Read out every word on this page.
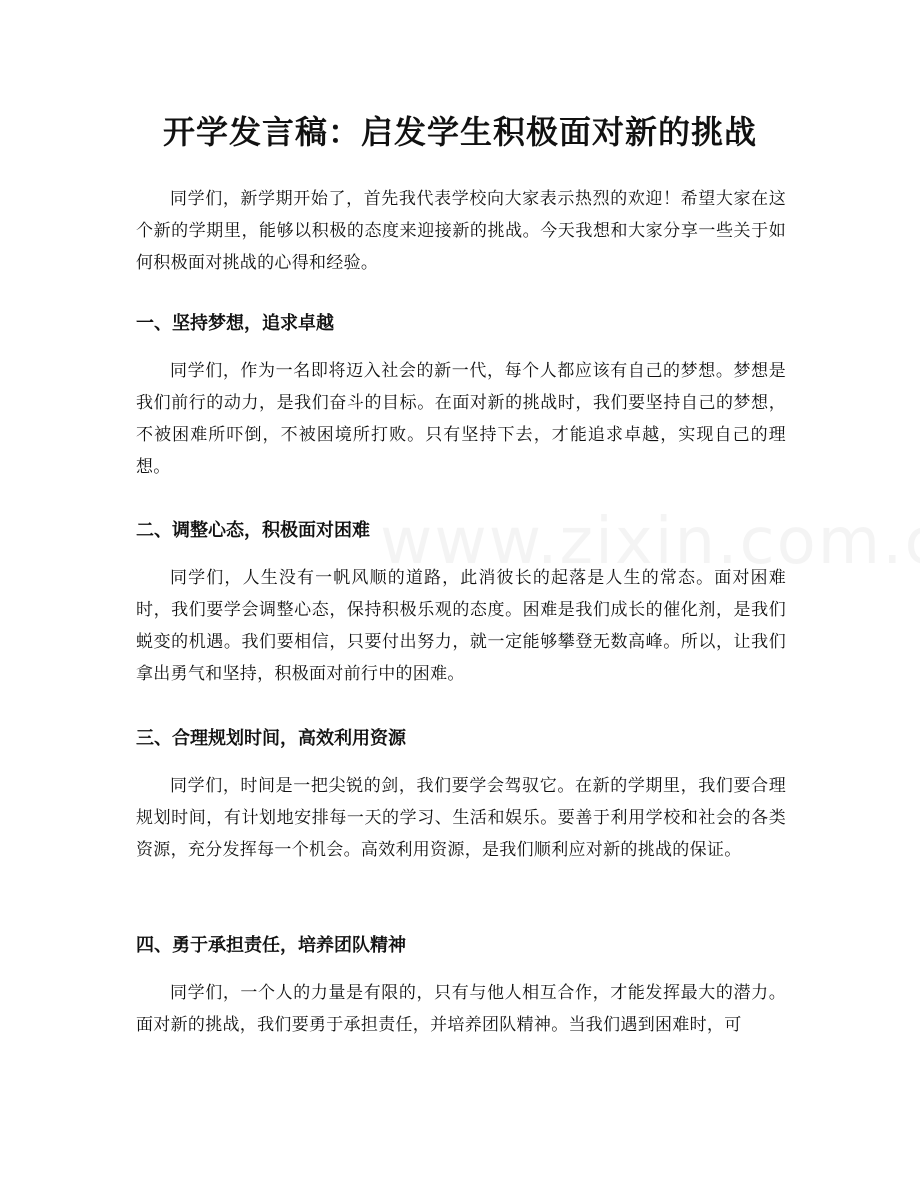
开学发言稿：启发学生积极面对新的挑战

同学们，新学期开始了，首先我代表学校向大家表示热烈的欢迎！希望大家在这个新的学期里，能够以积极的态度来迎接新的挑战。今天我想和大家分享一些关于如何积极面对挑战的心得和经验。

一、坚持梦想，追求卓越

同学们，作为一名即将迈入社会的新一代，每个人都应该有自己的梦想。梦想是我们前行的动力，是我们奋斗的目标。在面对新的挑战时，我们要坚持自己的梦想，不被困难所吓倒，不被困境所打败。只有坚持下去，才能追求卓越，实现自己的理想。

二、调整心态，积极面对困难

同学们，人生没有一帆风顺的道路，此消彼长的起落是人生的常态。面对困难时，我们要学会调整心态，保持积极乐观的态度。困难是我们成长的催化剂，是我们蜕变的机遇。我们要相信，只要付出努力，就一定能够攀登无数高峰。所以，让我们拿出勇气和坚持，积极面对前行中的困难。

三、合理规划时间，高效利用资源

同学们，时间是一把尖锐的剑，我们要学会驾驭它。在新的学期里，我们要合理规划时间，有计划地安排每一天的学习、生活和娱乐。要善于利用学校和社会的各类资源，充分发挥每一个机会。高效利用资源，是我们顺利应对新的挑战的保证。

四、勇于承担责任，培养团队精神

同学们，一个人的力量是有限的，只有与他人相互合作，才能发挥最大的潜力。面对新的挑战，我们要勇于承担责任，并培养团队精神。当我们遇到困难时，可
